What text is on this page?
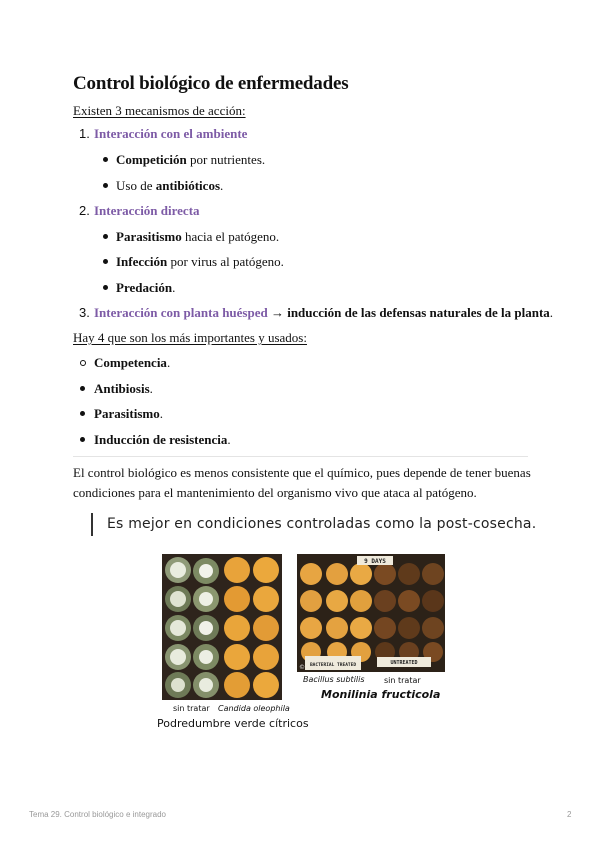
Control biológico de enfermedades
Existen 3 mecanismos de acción:
1. Interacción con el ambiente
Competición por nutrientes.
Uso de antibióticos.
2. Interacción directa
Parasitismo hacia el patógeno.
Infección por virus al patógeno.
Predación.
3. Interacción con planta huésped → inducción de las defensas naturales de la planta.
Hay 4 que son los más importantes y usados:
Competencia.
Antibiosis.
Parasitismo.
Inducción de resistencia.
El control biológico es menos consistente que el químico, pues depende de tener buenas condiciones para el mantenimiento del organismo vivo que ataca al patógeno.
Es mejor en condiciones controladas como la post-cosecha.
sin tratar Candida oleophila
Podredumbre verde cítricos
9 DAYS
BACTERIAL TREATED	UNTREATED
©
Bacillus subtilis sin tratar
Monilinia fructicola
Tema 29. Control biológico e integrado	2
